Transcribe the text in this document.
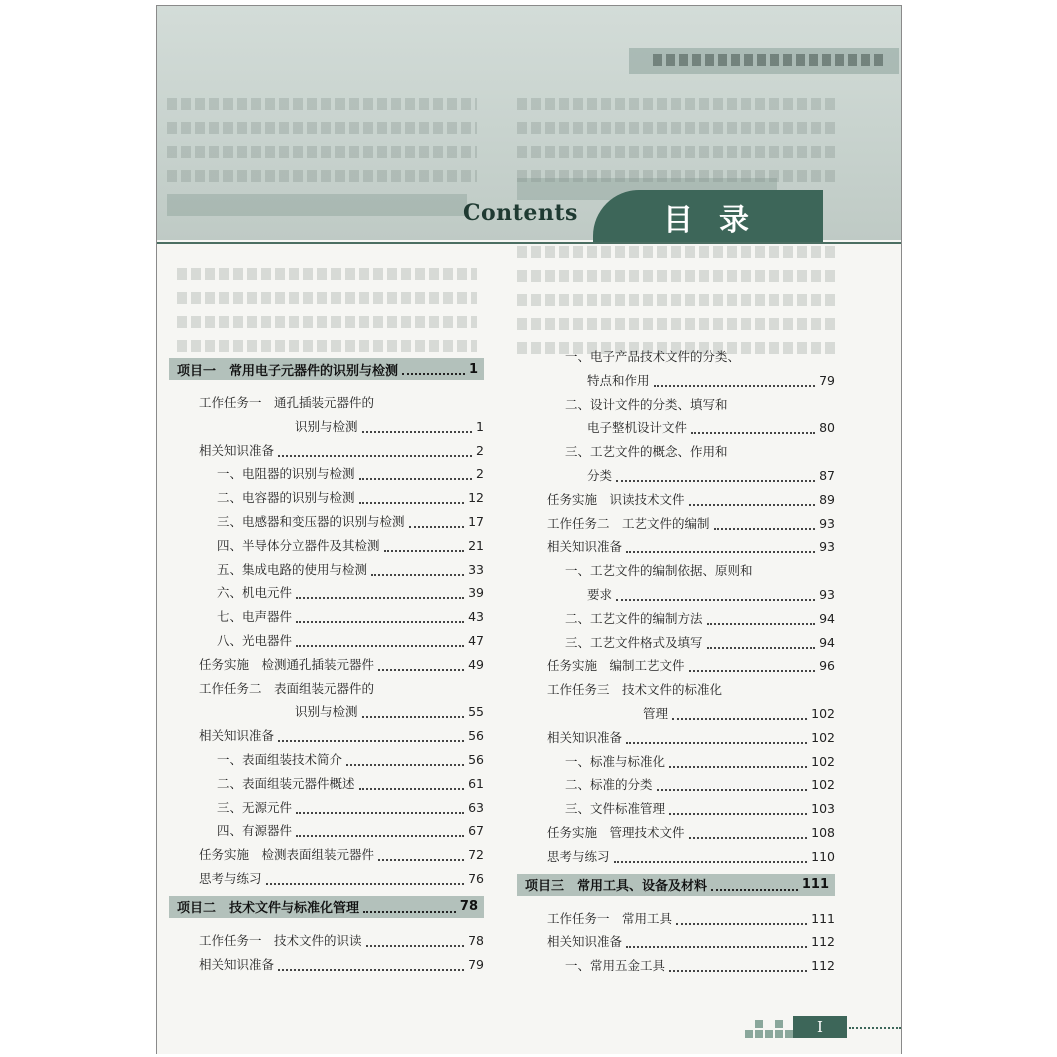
Contents	目录
项目一　常用电子元器件的识别与检测	1
工作任务一　通孔插装元器件的
识别与检测	1
相关知识准备	2
一、电阻器的识别与检测	2
二、电容器的识别与检测	12
三、电感器和变压器的识别与检测	17
四、半导体分立器件及其检测	21
五、集成电路的使用与检测	33
六、机电元件	39
七、电声器件	43
八、光电器件	47
任务实施　检测通孔插装元器件	49
工作任务二　表面组装元器件的
识别与检测	55
相关知识准备	56
一、表面组装技术简介	56
二、表面组装元器件概述	61
三、无源元件	63
四、有源器件	67
任务实施　检测表面组装元器件	72
思考与练习	76
项目二　技术文件与标准化管理	78
工作任务一　技术文件的识读	78
相关知识准备	79
一、电子产品技术文件的分类、
特点和作用	79
二、设计文件的分类、填写和
电子整机设计文件	80
三、工艺文件的概念、作用和
分类	87
任务实施　识读技术文件	89
工作任务二　工艺文件的编制	93
相关知识准备	93
一、工艺文件的编制依据、原则和
要求	93
二、工艺文件的编制方法	94
三、工艺文件格式及填写	94
任务实施　编制工艺文件	96
工作任务三　技术文件的标准化
管理	102
相关知识准备	102
一、标准与标准化	102
二、标准的分类	102
三、文件标准管理	103
任务实施　管理技术文件	108
思考与练习	110
项目三　常用工具、设备及材料	111
工作任务一　常用工具	111
相关知识准备	112
一、常用五金工具	112
I
